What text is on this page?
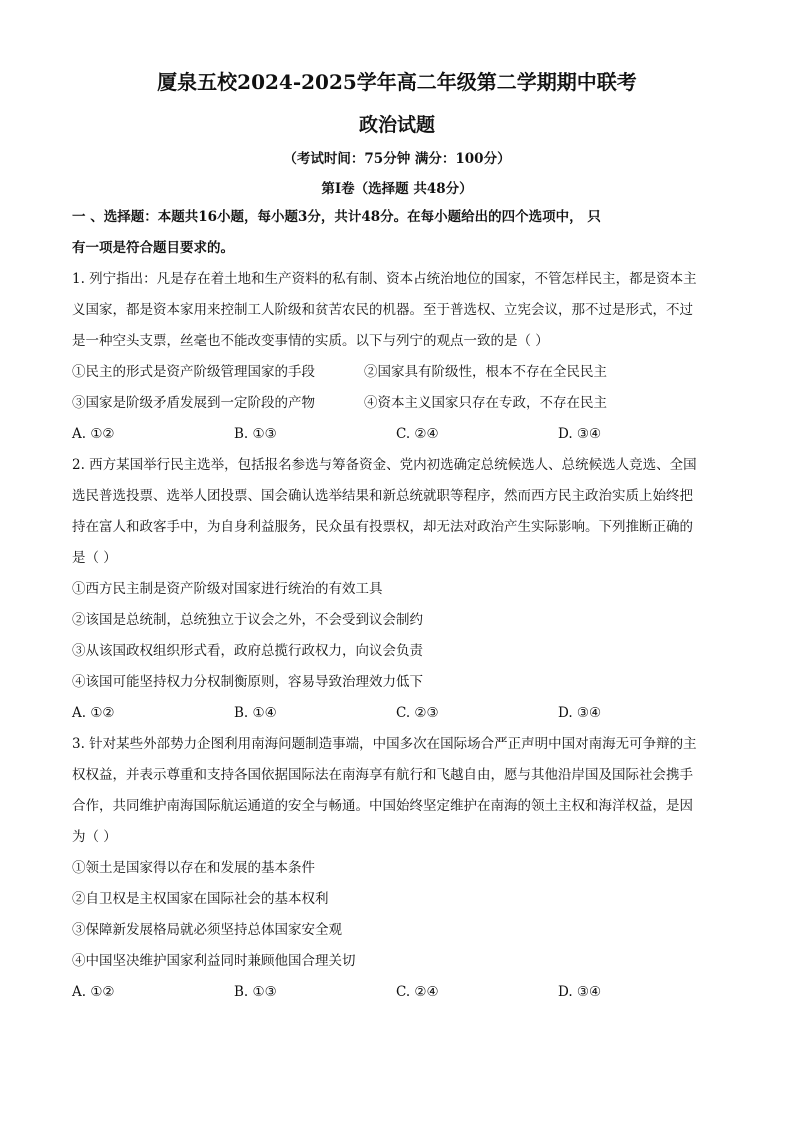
厦泉五校2024-2025学年高二年级第二学期期中联考
政治试题
（考试时间：75分钟 满分：100分）
第I卷（选择题 共48分）
一 、选择题：本题共16小题，每小题3分，共计48分。在每小题给出的四个选项中， 只
有一项是符合题目要求的。
1. 列宁指出：凡是存在着土地和生产资料的私有制、资本占统治地位的国家，不管怎样民主，都是资本主
义国家，都是资本家用来控制工人阶级和贫苦农民的机器。至于普选权、立宪会议，那不过是形式，不过
是一种空头支票，丝毫也不能改变事情的实质。以下与列宁的观点一致的是（ ）
①民主的形式是资产阶级管理国家的手段	②国家具有阶级性，根本不存在全民民主
③国家是阶级矛盾发展到一定阶段的产物	④资本主义国家只存在专政，不存在民主
A. ①②	B. ①③	C. ②④	D. ③④
2. 西方某国举行民主选举，包括报名参选与筹备资金、党内初选确定总统候选人、总统候选人竞选、全国
选民普选投票、选举人团投票、国会确认选举结果和新总统就职等程序，然而西方民主政治实质上始终把
持在富人和政客手中，为自身利益服务，民众虽有投票权，却无法对政治产生实际影响。下列推断正确的
是（ ）
①西方民主制是资产阶级对国家进行统治的有效工具
②该国是总统制，总统独立于议会之外，不会受到议会制约
③从该国政权组织形式看，政府总揽行政权力，向议会负责
④该国可能坚持权力分权制衡原则，容易导致治理效力低下
A. ①②	B. ①④	C. ②③	D. ③④
3. 针对某些外部势力企图利用南海问题制造事端，中国多次在国际场合严正声明中国对南海无可争辩的主
权权益，并表示尊重和支持各国依据国际法在南海享有航行和飞越自由，愿与其他沿岸国及国际社会携手
合作，共同维护南海国际航运通道的安全与畅通。中国始终坚定维护在南海的领土主权和海洋权益，是因
为（ ）
①领土是国家得以存在和发展的基本条件
②自卫权是主权国家在国际社会的基本权利
③保障新发展格局就必须坚持总体国家安全观
④中国坚决维护国家利益同时兼顾他国合理关切
A. ①②	B. ①③	C. ②④	D. ③④
